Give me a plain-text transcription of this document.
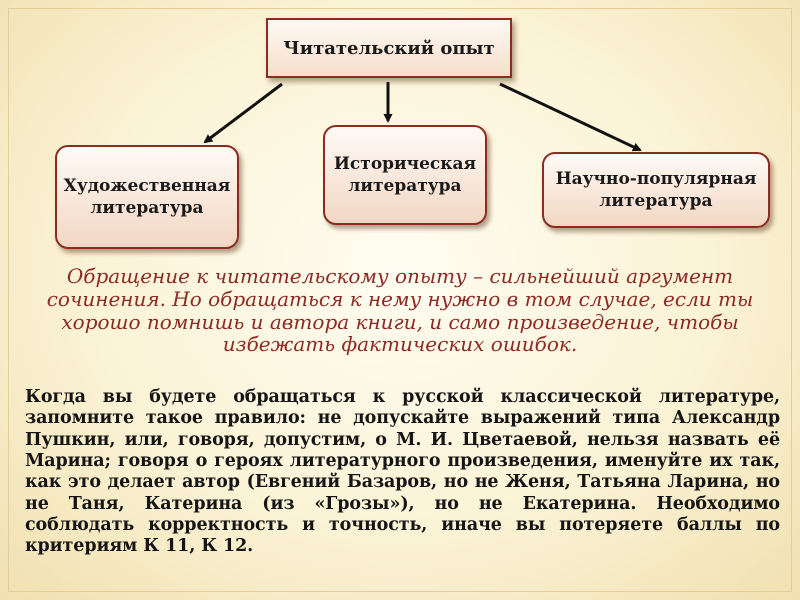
Читательский опыт
Художественная
литература
Историческая
литература	Научно-популярная
литература
Обращение к читательскому опыту – сильнейший аргумент сочинения. Но обращаться к нему нужно в том случае, если ты хорошо помнишь и автора книги, и само произведение, чтобы избежать фактических ошибок.
Когда вы будете обращаться к русской классической литературе, запомните такое правило: не допускайте выражений типа Александр Пушкин, или, говоря, допустим, о М. И. Цветаевой, нельзя назвать её Марина; говоря о героях литературного произведения, именуйте их так, как это делает автор (Евгений Базаров, но не Женя, Татьяна Ларина, но не Таня, Катерина (из «Грозы»), но не Екатерина. Необходимо соблюдать корректность и точность, иначе вы потеряете баллы по критериям К 11, К 12.
